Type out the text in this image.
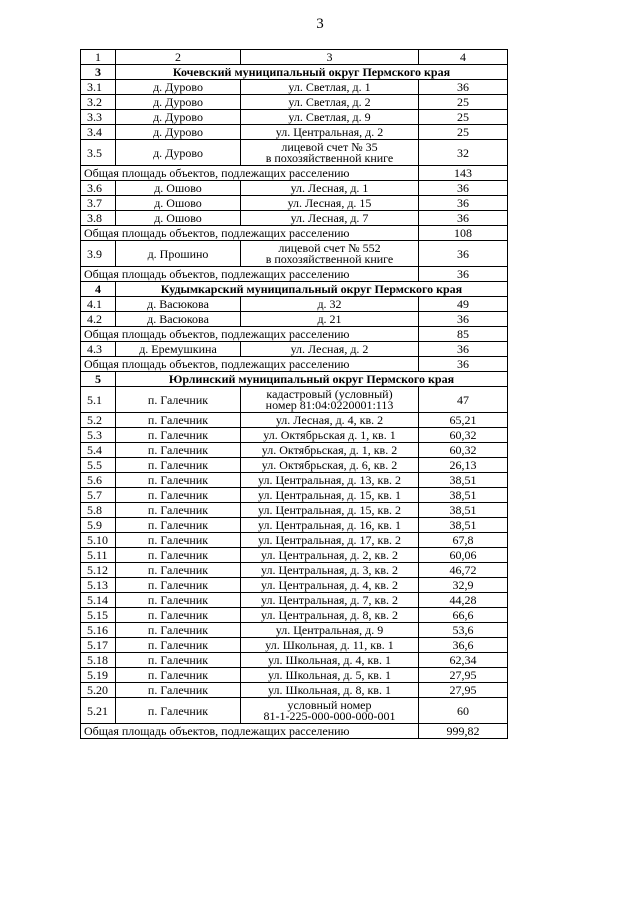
3
1	2	3	4
3	Кочевский муниципальный округ Пермского края		
3.1	д. Дурово	ул. Светлая, д. 1	36
3.2	д. Дурово	ул. Светлая, д. 2	25
3.3	д. Дурово	ул. Светлая, д. 9	25
3.4	д. Дурово	ул. Центральная, д. 2	25
3.5	д. Дурово	лицевой счет № 35
в похозяйственной книге	32
Общая площадь объектов, подлежащих расселению			143
3.6	д. Ошово	ул. Лесная, д. 1	36
3.7	д. Ошово	ул. Лесная, д. 15	36
3.8	д. Ошово	ул. Лесная, д. 7	36
Общая площадь объектов, подлежащих расселению			108
3.9	д. Прошино	лицевой счет № 552
в похозяйственной книге	36
Общая площадь объектов, подлежащих расселению			36
4	Кудымкарский муниципальный округ Пермского края		
4.1	д. Васюкова	д. 32	49
4.2	д. Васюкова	д. 21	36
Общая площадь объектов, подлежащих расселению			85
4.3	д. Еремушкина	ул. Лесная, д. 2	36
Общая площадь объектов, подлежащих расселению			36
5	Юрлинский муниципальный округ Пермского края		
5.1	п. Галечник	кадастровый (условный)
номер 81:04:0220001:113	47
5.2	п. Галечник	ул. Лесная, д. 4, кв. 2	65,21
5.3	п. Галечник	ул. Октябрьская д. 1, кв. 1	60,32
5.4	п. Галечник	ул. Октябрьская, д. 1, кв. 2	60,32
5.5	п. Галечник	ул. Октябрьская, д. 6, кв. 2	26,13
5.6	п. Галечник	ул. Центральная, д. 13, кв. 2	38,51
5.7	п. Галечник	ул. Центральная, д. 15, кв. 1	38,51
5.8	п. Галечник	ул. Центральная, д. 15, кв. 2	38,51
5.9	п. Галечник	ул. Центральная, д. 16, кв. 1	38,51
5.10	п. Галечник	ул. Центральная, д. 17, кв. 2	67,8
5.11	п. Галечник	ул. Центральная, д. 2, кв. 2	60,06
5.12	п. Галечник	ул. Центральная, д. 3, кв. 2	46,72
5.13	п. Галечник	ул. Центральная, д. 4, кв. 2	32,9
5.14	п. Галечник	ул. Центральная, д. 7, кв. 2	44,28
5.15	п. Галечник	ул. Центральная, д. 8, кв. 2	66,6
5.16	п. Галечник	ул. Центральная, д. 9	53,6
5.17	п. Галечник	ул. Школьная, д. 11, кв. 1	36,6
5.18	п. Галечник	ул. Школьная, д. 4, кв. 1	62,34
5.19	п. Галечник	ул. Школьная, д. 5, кв. 1	27,95
5.20	п. Галечник	ул. Школьная, д. 8, кв. 1	27,95
5.21	п. Галечник	условный номер
81-1-225-000-000-000-001	60
Общая площадь объектов, подлежащих расселению			999,82
